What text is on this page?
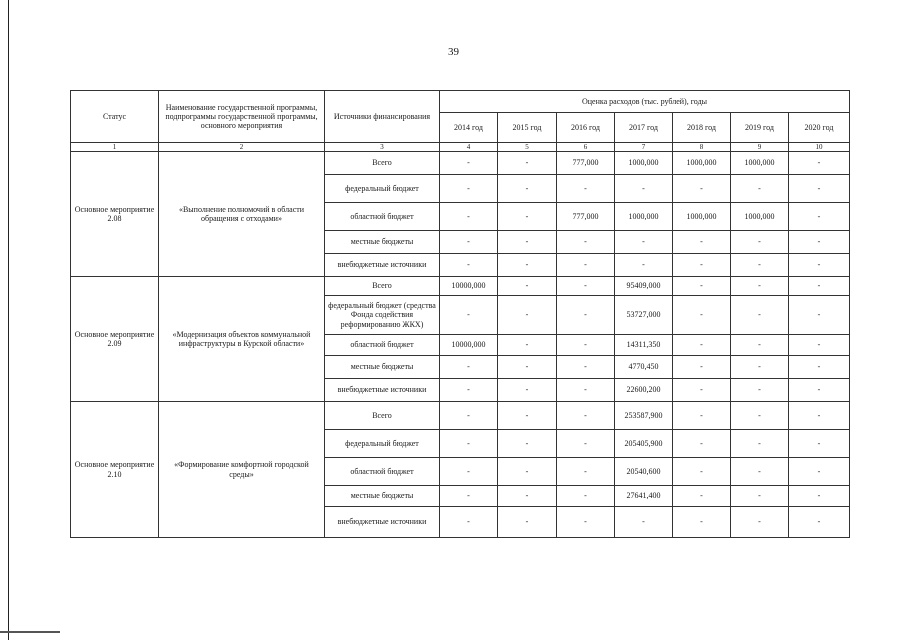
39
Статус	Наименование государственной программы, подпрограммы государственной программы, основного мероприятия	Источники финансирования	Оценка расходов (тыс. рублей), годы						
			2014 год	2015 год	2016 год	2017 год	2018 год	2019 год	2020 год
1	2	3	4	5	6	7	8	9	10
Основное мероприятие 2.08	«Выполнение полномочий в области обращения с отходами»	Всего	-	-	777,000	1000,000	1000,000	1000,000	-
		федеральный бюджет	-	-	-	-	-	-	-
		областной бюджет	-	-	777,000	1000,000	1000,000	1000,000	-
		местные бюджеты	-	-	-	-	-	-	-
		внебюджетные источники	-	-	-	-	-	-	-
Основное мероприятие 2.09	«Модернизация объектов коммунальной инфраструктуры в Курской области»	Всего	10000,000	-	-	95409,000	-	-	-
		федеральный бюджет (средства Фонда содействия реформированию ЖКХ)	-	-	-	53727,000	-	-	-
		областной бюджет	10000,000	-	-	14311,350	-	-	-
		местные бюджеты	-	-	-	4770,450	-	-	-
		внебюджетные источники	-	-	-	22600,200	-	-	-
Основное мероприятие 2.10	«Формирование комфортной городской среды»	Всего	-	-	-	253587,900	-	-	-
		федеральный бюджет	-	-	-	205405,900	-	-	-
		областной бюджет	-	-	-	20540,600	-	-	-
		местные бюджеты	-	-	-	27641,400	-	-	-
		внебюджетные источники	-	-	-	-	-	-	-
